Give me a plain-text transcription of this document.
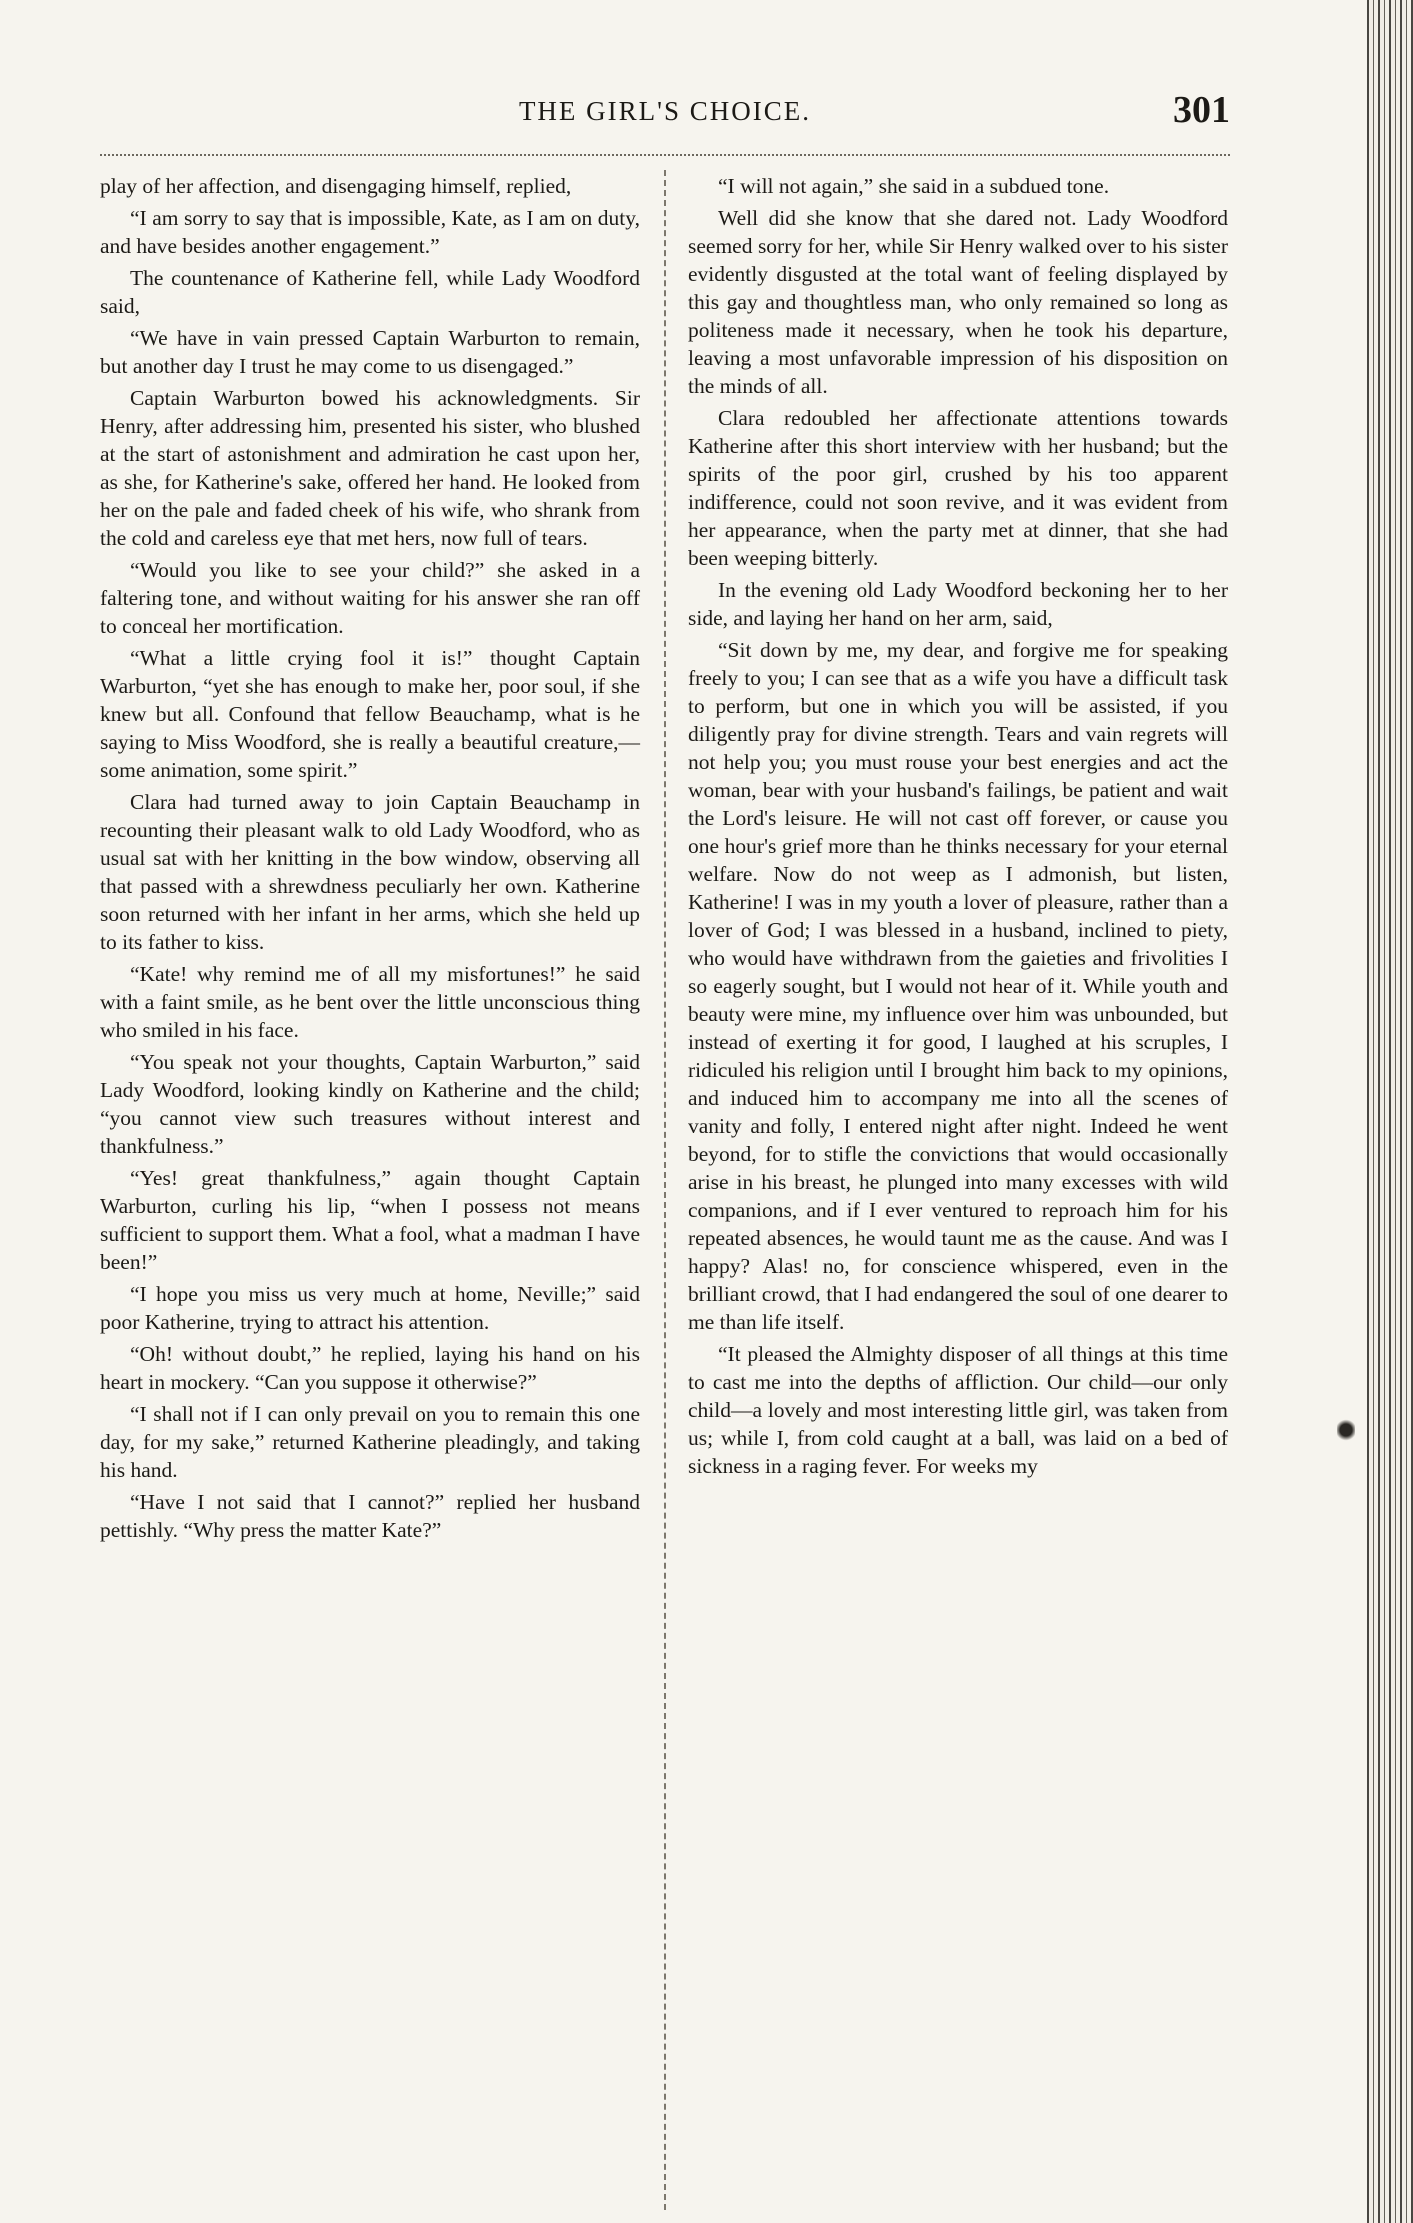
THE GIRL'S CHOICE.	301

play of her affection, and disengaging himself, replied,

“I am sorry to say that is impossible, Kate, as I am on duty, and have besides another engagement.”

The countenance of Katherine fell, while Lady Woodford said,

“We have in vain pressed Captain Warburton to remain, but another day I trust he may come to us disengaged.”

Captain Warburton bowed his acknowledgments. Sir Henry, after addressing him, presented his sister, who blushed at the start of astonishment and admiration he cast upon her, as she, for Katherine's sake, offered her hand. He looked from her on the pale and faded cheek of his wife, who shrank from the cold and careless eye that met hers, now full of tears.

“Would you like to see your child?” she asked in a faltering tone, and without waiting for his answer she ran off to conceal her mortification.

“What a little crying fool it is!” thought Captain Warburton, “yet she has enough to make her, poor soul, if she knew but all. Confound that fellow Beauchamp, what is he saying to Miss Woodford, she is really a beautiful creature,—some animation, some spirit.”

Clara had turned away to join Captain Beauchamp in recounting their pleasant walk to old Lady Woodford, who as usual sat with her knitting in the bow window, observing all that passed with a shrewdness peculiarly her own. Katherine soon returned with her infant in her arms, which she held up to its father to kiss.

“Kate! why remind me of all my misfortunes!” he said with a faint smile, as he bent over the little unconscious thing who smiled in his face.

“You speak not your thoughts, Captain Warburton,” said Lady Woodford, looking kindly on Katherine and the child; “you cannot view such treasures without interest and thankfulness.”

“Yes! great thankfulness,” again thought Captain Warburton, curling his lip, “when I possess not means sufficient to support them. What a fool, what a madman I have been!”

“I hope you miss us very much at home, Neville;” said poor Katherine, trying to attract his attention.

“Oh! without doubt,” he replied, laying his hand on his heart in mockery. “Can you suppose it otherwise?”

“I shall not if I can only prevail on you to remain this one day, for my sake,” returned Katherine pleadingly, and taking his hand.

“Have I not said that I cannot?” replied her husband pettishly. “Why press the matter Kate?”

“I will not again,” she said in a subdued tone.

Well did she know that she dared not. Lady Woodford seemed sorry for her, while Sir Henry walked over to his sister evidently disgusted at the total want of feeling displayed by this gay and thoughtless man, who only remained so long as politeness made it necessary, when he took his departure, leaving a most unfavorable impression of his disposition on the minds of all.

Clara redoubled her affectionate attentions towards Katherine after this short interview with her husband; but the spirits of the poor girl, crushed by his too apparent indifference, could not soon revive, and it was evident from her appearance, when the party met at dinner, that she had been weeping bitterly.

In the evening old Lady Woodford beckoning her to her side, and laying her hand on her arm, said,

“Sit down by me, my dear, and forgive me for speaking freely to you; I can see that as a wife you have a difficult task to perform, but one in which you will be assisted, if you diligently pray for divine strength. Tears and vain regrets will not help you; you must rouse your best energies and act the woman, bear with your husband's failings, be patient and wait the Lord's leisure. He will not cast off forever, or cause you one hour's grief more than he thinks necessary for your eternal welfare. Now do not weep as I admonish, but listen, Katherine! I was in my youth a lover of pleasure, rather than a lover of God; I was blessed in a husband, inclined to piety, who would have withdrawn from the gaieties and frivolities I so eagerly sought, but I would not hear of it. While youth and beauty were mine, my influence over him was unbounded, but instead of exerting it for good, I laughed at his scruples, I ridiculed his religion until I brought him back to my opinions, and induced him to accompany me into all the scenes of vanity and folly, I entered night after night. Indeed he went beyond, for to stifle the convictions that would occasionally arise in his breast, he plunged into many excesses with wild companions, and if I ever ventured to reproach him for his repeated absences, he would taunt me as the cause. And was I happy? Alas! no, for conscience whispered, even in the brilliant crowd, that I had endangered the soul of one dearer to me than life itself.

“It pleased the Almighty disposer of all things at this time to cast me into the depths of affliction. Our child—our only child—a lovely and most interesting little girl, was taken from us; while I, from cold caught at a ball, was laid on a bed of sickness in a raging fever. For weeks my
